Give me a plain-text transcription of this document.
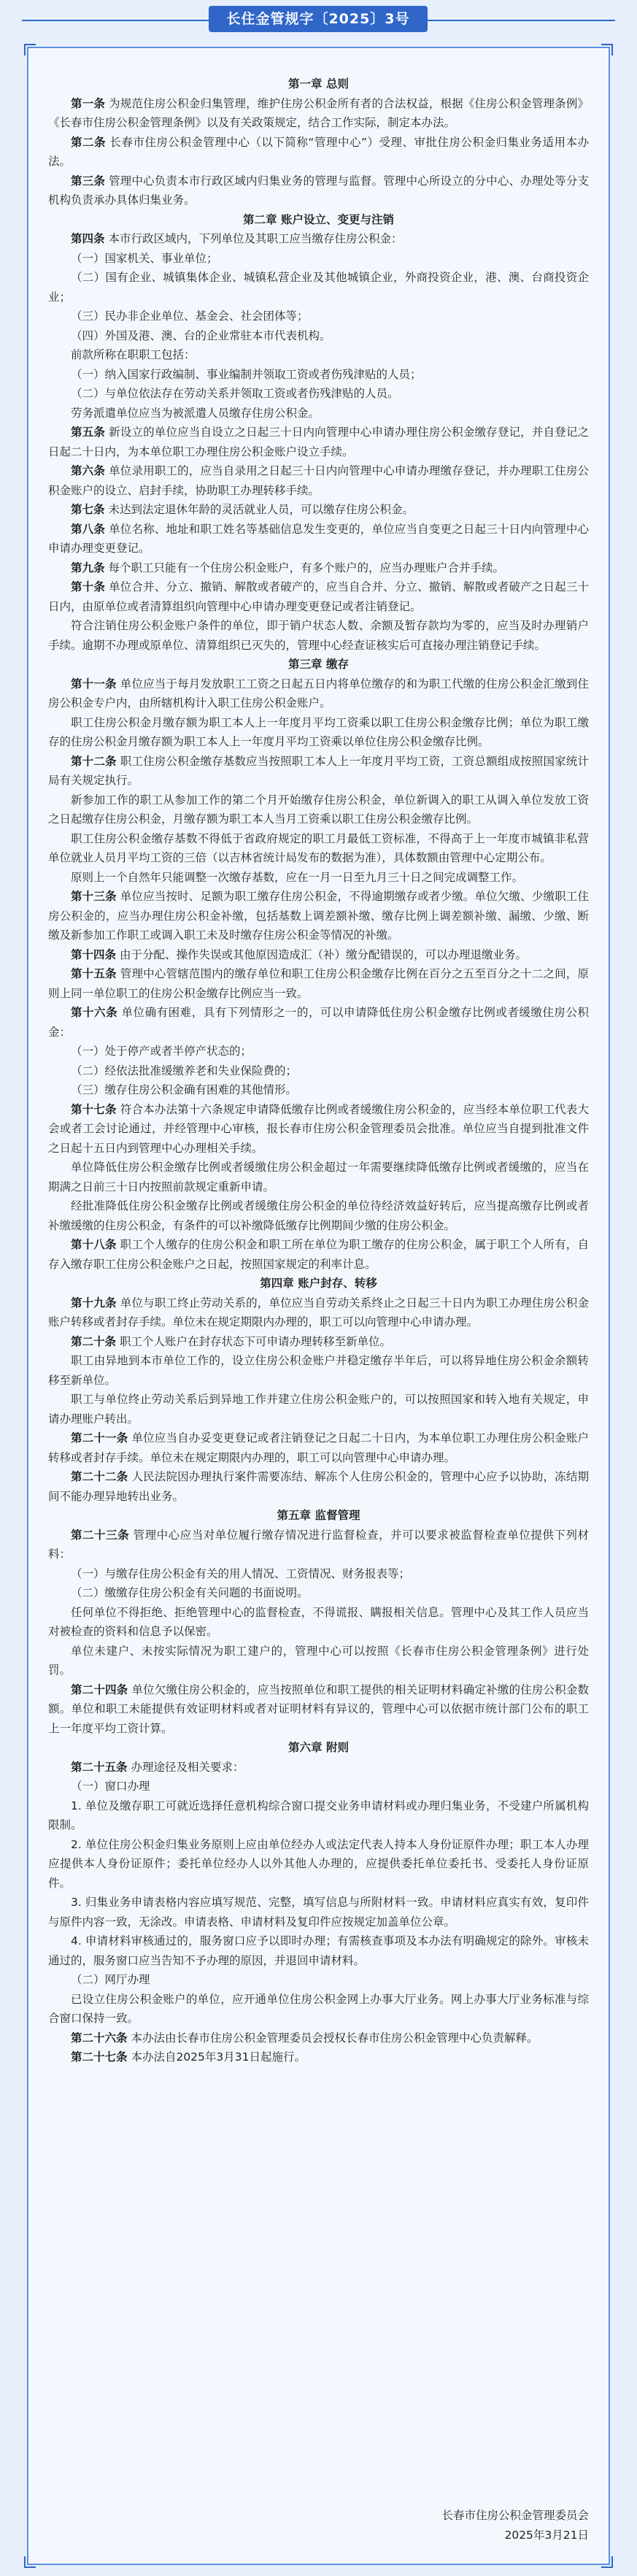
长住金管规字〔2025〕3号

第一章 总则

第一条 为规范住房公积金归集管理，维护住房公积金所有者的合法权益，根据《住房公积金管理条例》《长春市住房公积金管理条例》以及有关政策规定，结合工作实际，制定本办法。

第二条 长春市住房公积金管理中心（以下简称“管理中心”）受理、审批住房公积金归集业务适用本办法。

第三条 管理中心负责本市行政区域内归集业务的管理与监督。管理中心所设立的分中心、办理处等分支机构负责承办具体归集业务。

第二章 账户设立、变更与注销

第四条 本市行政区域内，下列单位及其职工应当缴存住房公积金：

（一）国家机关、事业单位；

（二）国有企业、城镇集体企业、城镇私营企业及其他城镇企业，外商投资企业，港、澳、台商投资企业；

（三）民办非企业单位、基金会、社会团体等；

（四）外国及港、澳、台的企业常驻本市代表机构。

前款所称在职职工包括：

（一）纳入国家行政编制、事业编制并领取工资或者伤残津贴的人员；

（二）与单位依法存在劳动关系并领取工资或者伤残津贴的人员。

劳务派遣单位应当为被派遣人员缴存住房公积金。

第五条 新设立的单位应当自设立之日起三十日内向管理中心申请办理住房公积金缴存登记，并自登记之日起二十日内，为本单位职工办理住房公积金账户设立手续。

第六条 单位录用职工的，应当自录用之日起三十日内向管理中心申请办理缴存登记，并办理职工住房公积金账户的设立、启封手续，协助职工办理转移手续。

第七条 未达到法定退休年龄的灵活就业人员，可以缴存住房公积金。

第八条 单位名称、地址和职工姓名等基础信息发生变更的，单位应当自变更之日起三十日内向管理中心申请办理变更登记。

第九条 每个职工只能有一个住房公积金账户，有多个账户的，应当办理账户合并手续。

第十条 单位合并、分立、撤销、解散或者破产的，应当自合并、分立、撤销、解散或者破产之日起三十日内，由原单位或者清算组织向管理中心申请办理变更登记或者注销登记。

符合注销住房公积金账户条件的单位，即于销户状态人数、余额及暂存款均为零的，应当及时办理销户手续。逾期不办理或原单位、清算组织已灭失的，管理中心经查证核实后可直接办理注销登记手续。

第三章 缴存

第十一条 单位应当于每月发放职工工资之日起五日内将单位缴存的和为职工代缴的住房公积金汇缴到住房公积金专户内，由所辖机构计入职工住房公积金账户。

职工住房公积金月缴存额为职工本人上一年度月平均工资乘以职工住房公积金缴存比例；单位为职工缴存的住房公积金月缴存额为职工本人上一年度月平均工资乘以单位住房公积金缴存比例。

第十二条 职工住房公积金缴存基数应当按照职工本人上一年度月平均工资，工资总额组成按照国家统计局有关规定执行。

新参加工作的职工从参加工作的第二个月开始缴存住房公积金，单位新调入的职工从调入单位发放工资之日起缴存住房公积金，月缴存额为职工本人当月工资乘以职工住房公积金缴存比例。

职工住房公积金缴存基数不得低于省政府规定的职工月最低工资标准，不得高于上一年度市城镇非私营单位就业人员月平均工资的三倍（以吉林省统计局发布的数据为准），具体数额由管理中心定期公布。

原则上一个自然年只能调整一次缴存基数，应在一月一日至九月三十日之间完成调整工作。

第十三条 单位应当按时、足额为职工缴存住房公积金，不得逾期缴存或者少缴。单位欠缴、少缴职工住房公积金的，应当办理住房公积金补缴，包括基数上调差额补缴、缴存比例上调差额补缴、漏缴、少缴、断缴及新参加工作职工或调入职工未及时缴存住房公积金等情况的补缴。

第十四条 由于分配、操作失误或其他原因造成汇（补）缴分配错误的，可以办理退缴业务。

第十五条 管理中心管辖范围内的缴存单位和职工住房公积金缴存比例在百分之五至百分之十二之间，原则上同一单位职工的住房公积金缴存比例应当一致。

第十六条 单位确有困难，具有下列情形之一的，可以申请降低住房公积金缴存比例或者缓缴住房公积金：

（一）处于停产或者半停产状态的；

（二）经依法批准缓缴养老和失业保险费的；

（三）缴存住房公积金确有困难的其他情形。

第十七条 符合本办法第十六条规定申请降低缴存比例或者缓缴住房公积金的，应当经本单位职工代表大会或者工会讨论通过，并经管理中心审核，报长春市住房公积金管理委员会批准。单位应当自提到批准文件之日起十五日内到管理中心办理相关手续。

单位降低住房公积金缴存比例或者缓缴住房公积金超过一年需要继续降低缴存比例或者缓缴的，应当在期满之日前三十日内按照前款规定重新申请。

经批准降低住房公积金缴存比例或者缓缴住房公积金的单位待经济效益好转后，应当提高缴存比例或者补缴缓缴的住房公积金，有条件的可以补缴降低缴存比例期间少缴的住房公积金。

第十八条 职工个人缴存的住房公积金和职工所在单位为职工缴存的住房公积金，属于职工个人所有，自存入缴存职工住房公积金账户之日起，按照国家规定的利率计息。

第四章 账户封存、转移

第十九条 单位与职工终止劳动关系的，单位应当自劳动关系终止之日起三十日内为职工办理住房公积金账户转移或者封存手续。单位未在规定期限内办理的，职工可以向管理中心申请办理。

第二十条 职工个人账户在封存状态下可申请办理转移至新单位。

职工由异地到本市单位工作的，设立住房公积金账户并稳定缴存半年后，可以将异地住房公积金余额转移至新单位。

职工与单位终止劳动关系后到异地工作并建立住房公积金账户的，可以按照国家和转入地有关规定，申请办理账户转出。

第二十一条 单位应当自办妥变更登记或者注销登记之日起二十日内，为本单位职工办理住房公积金账户转移或者封存手续。单位未在规定期限内办理的，职工可以向管理中心申请办理。

第二十二条 人民法院因办理执行案件需要冻结、解冻个人住房公积金的，管理中心应予以协助，冻结期间不能办理异地转出业务。

第五章 监督管理

第二十三条 管理中心应当对单位履行缴存情况进行监督检查，并可以要求被监督检查单位提供下列材料：

（一）与缴存住房公积金有关的用人情况、工资情况、财务报表等；

（二）缴缴存住房公积金有关问题的书面说明。

任何单位不得拒绝、拒绝管理中心的监督检查，不得谎报、瞒报相关信息。管理中心及其工作人员应当对被检查的资料和信息予以保密。

单位未建户、未按实际情况为职工建户的，管理中心可以按照《长春市住房公积金管理条例》进行处罚。

第二十四条 单位欠缴住房公积金的，应当按照单位和职工提供的相关证明材料确定补缴的住房公积金数额。单位和职工未能提供有效证明材料或者对证明材料有异议的，管理中心可以依据市统计部门公布的职工上一年度平均工资计算。

第六章 附则

第二十五条 办理途径及相关要求：

（一）窗口办理

1. 单位及缴存职工可就近选择任意机构综合窗口提交业务申请材料或办理归集业务，不受建户所属机构限制。

2. 单位住房公积金归集业务原则上应由单位经办人或法定代表人持本人身份证原件办理；职工本人办理应提供本人身份证原件；委托单位经办人以外其他人办理的，应提供委托单位委托书、受委托人身份证原件。

3. 归集业务申请表格内容应填写规范、完整，填写信息与所附材料一致。申请材料应真实有效，复印件与原件内容一致，无涂改。申请表格、申请材料及复印件应按规定加盖单位公章。

4. 申请材料审核通过的，服务窗口应予以即时办理；有需核查事项及本办法有明确规定的除外。审核未通过的，服务窗口应当告知不予办理的原因，并退回申请材料。

（二）网厅办理

已设立住房公积金账户的单位，应开通单位住房公积金网上办事大厅业务。网上办事大厅业务标准与综合窗口保持一致。

第二十六条 本办法由长春市住房公积金管理委员会授权长春市住房公积金管理中心负责解释。

第二十七条 本办法自2025年3月31日起施行。

长春市住房公积金管理委员会

2025年3月21日
